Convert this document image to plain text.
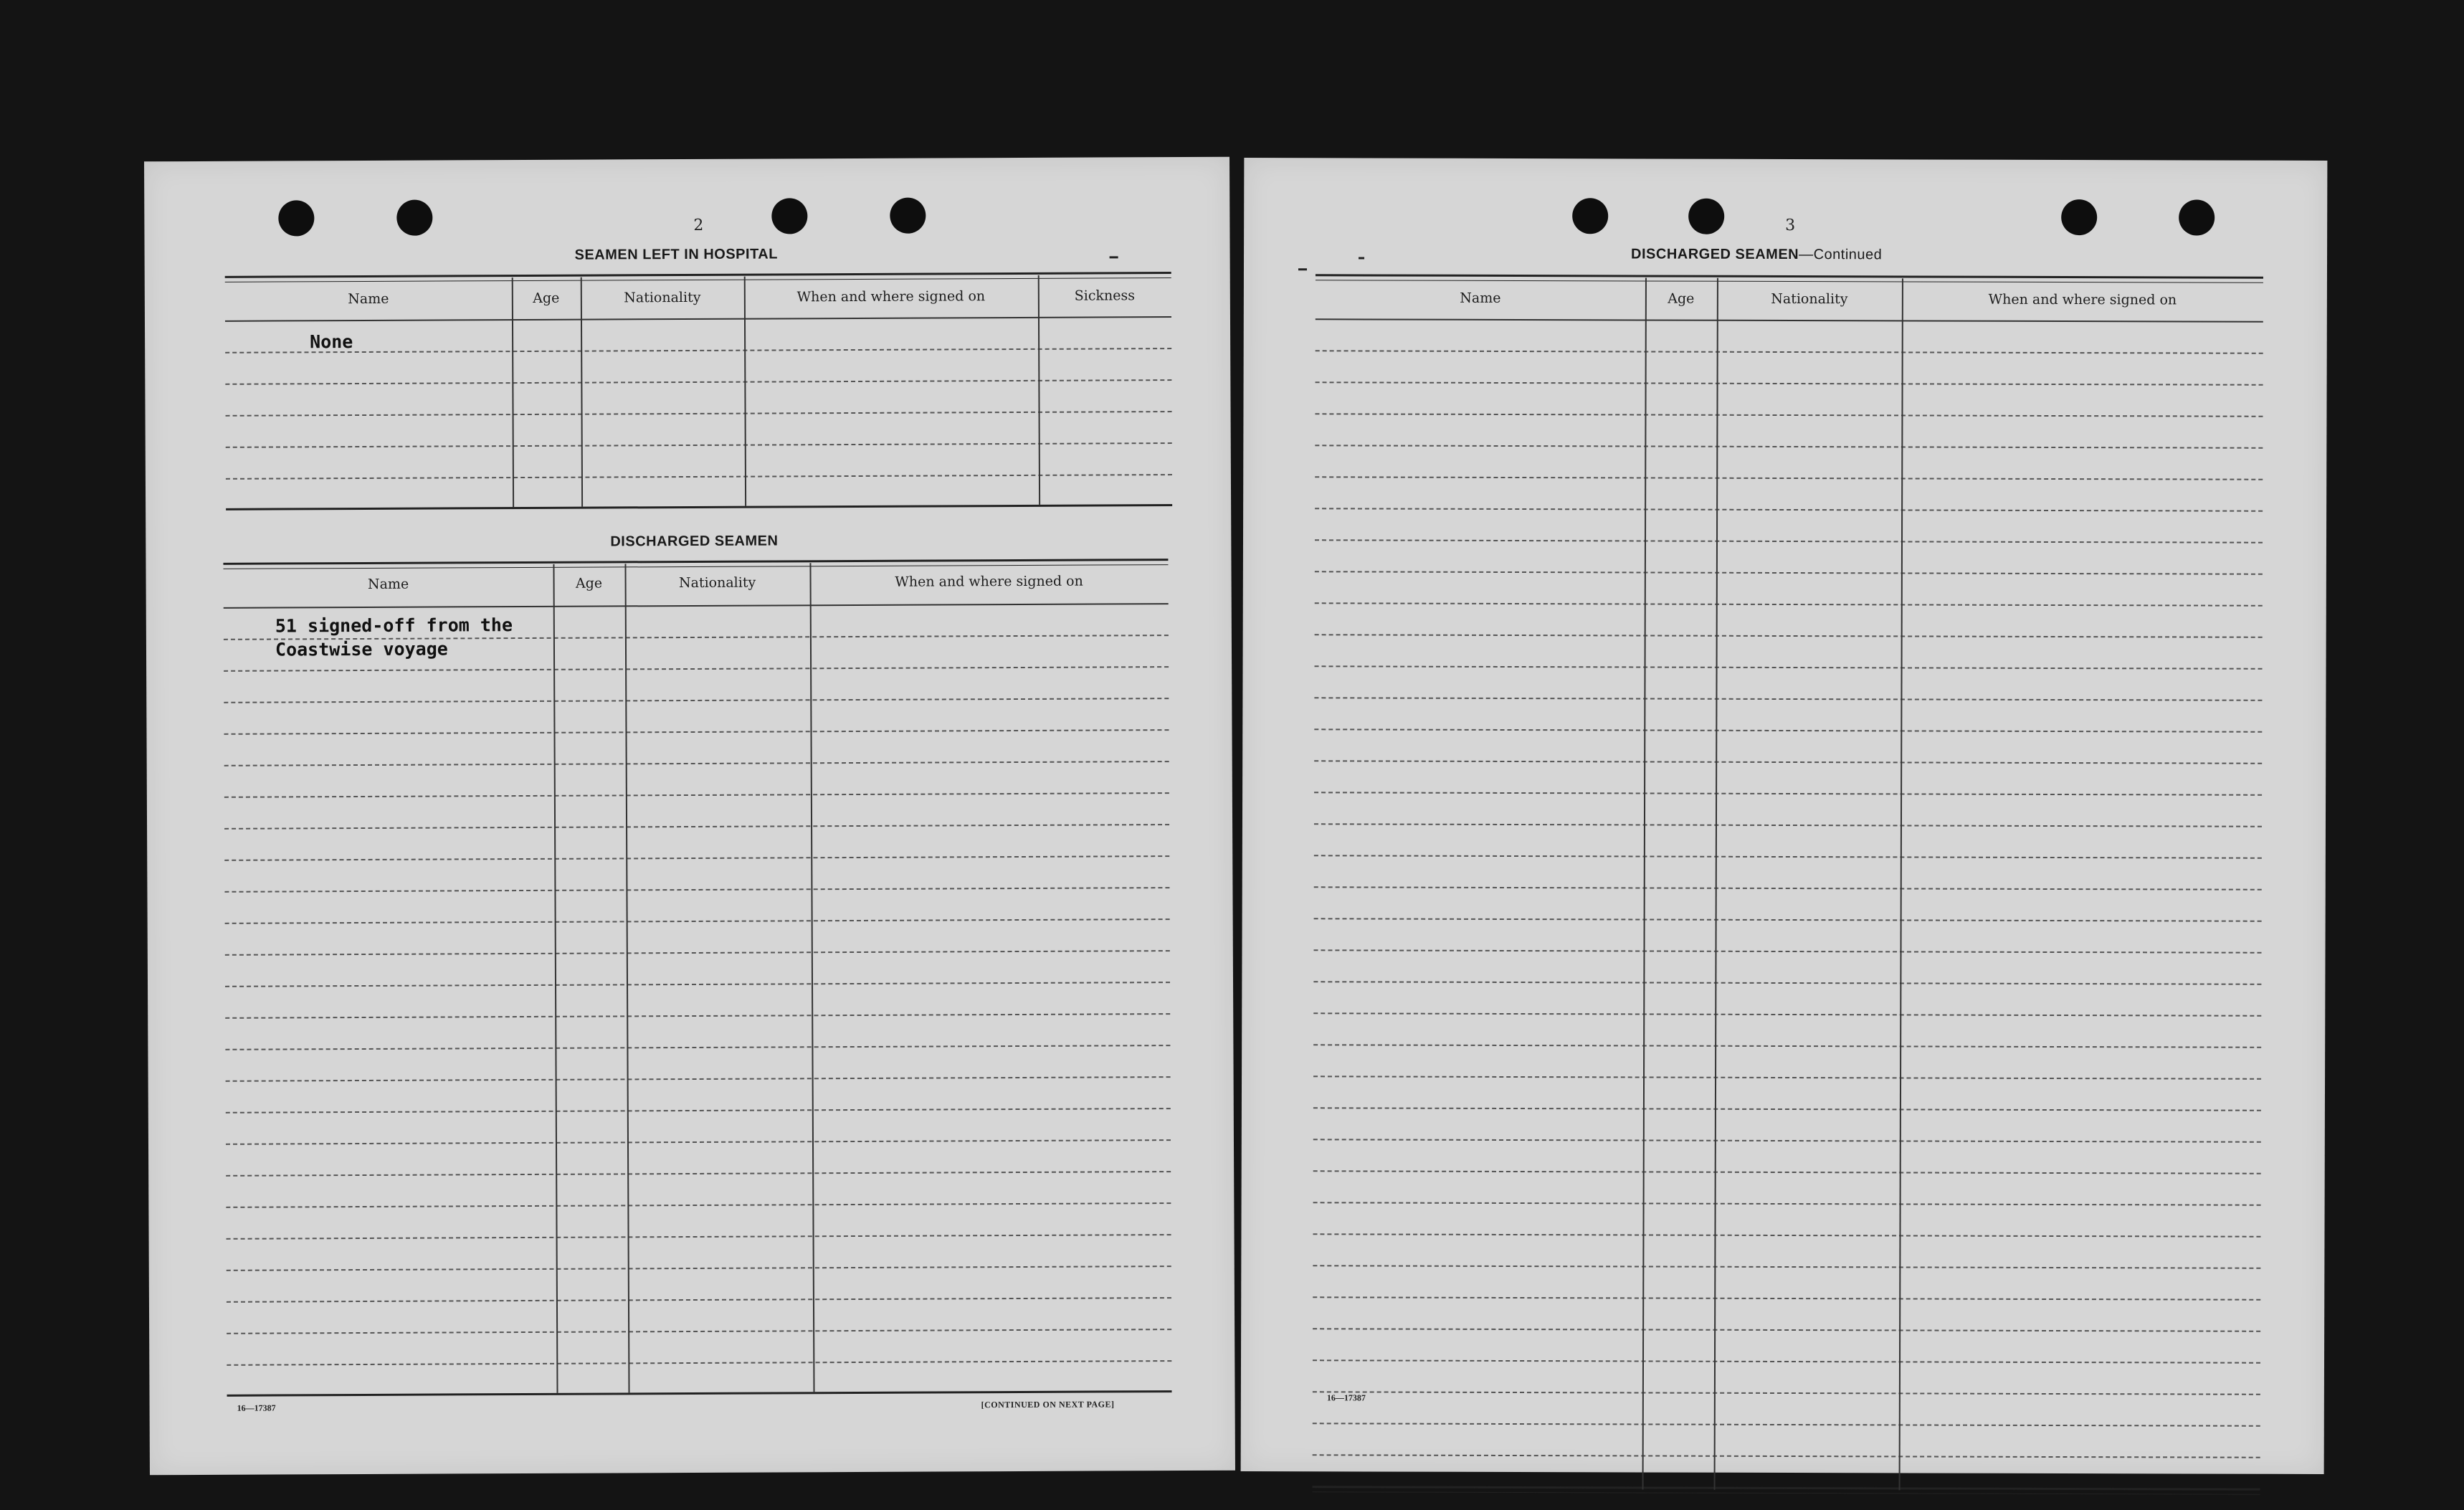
2
SEAMEN LEFT IN HOSPITAL
Name	Age	Nationality	When and where signed on	Sickness
None
DISCHARGED SEAMEN
Name	Age	Nationality	When and where signed on
51 signed-off from the
Coastwise voyage
16—17387	[CONTINUED ON NEXT PAGE]
3
DISCHARGED SEAMEN—Continued
Name	Age	Nationality	When and where signed on
16—17387
